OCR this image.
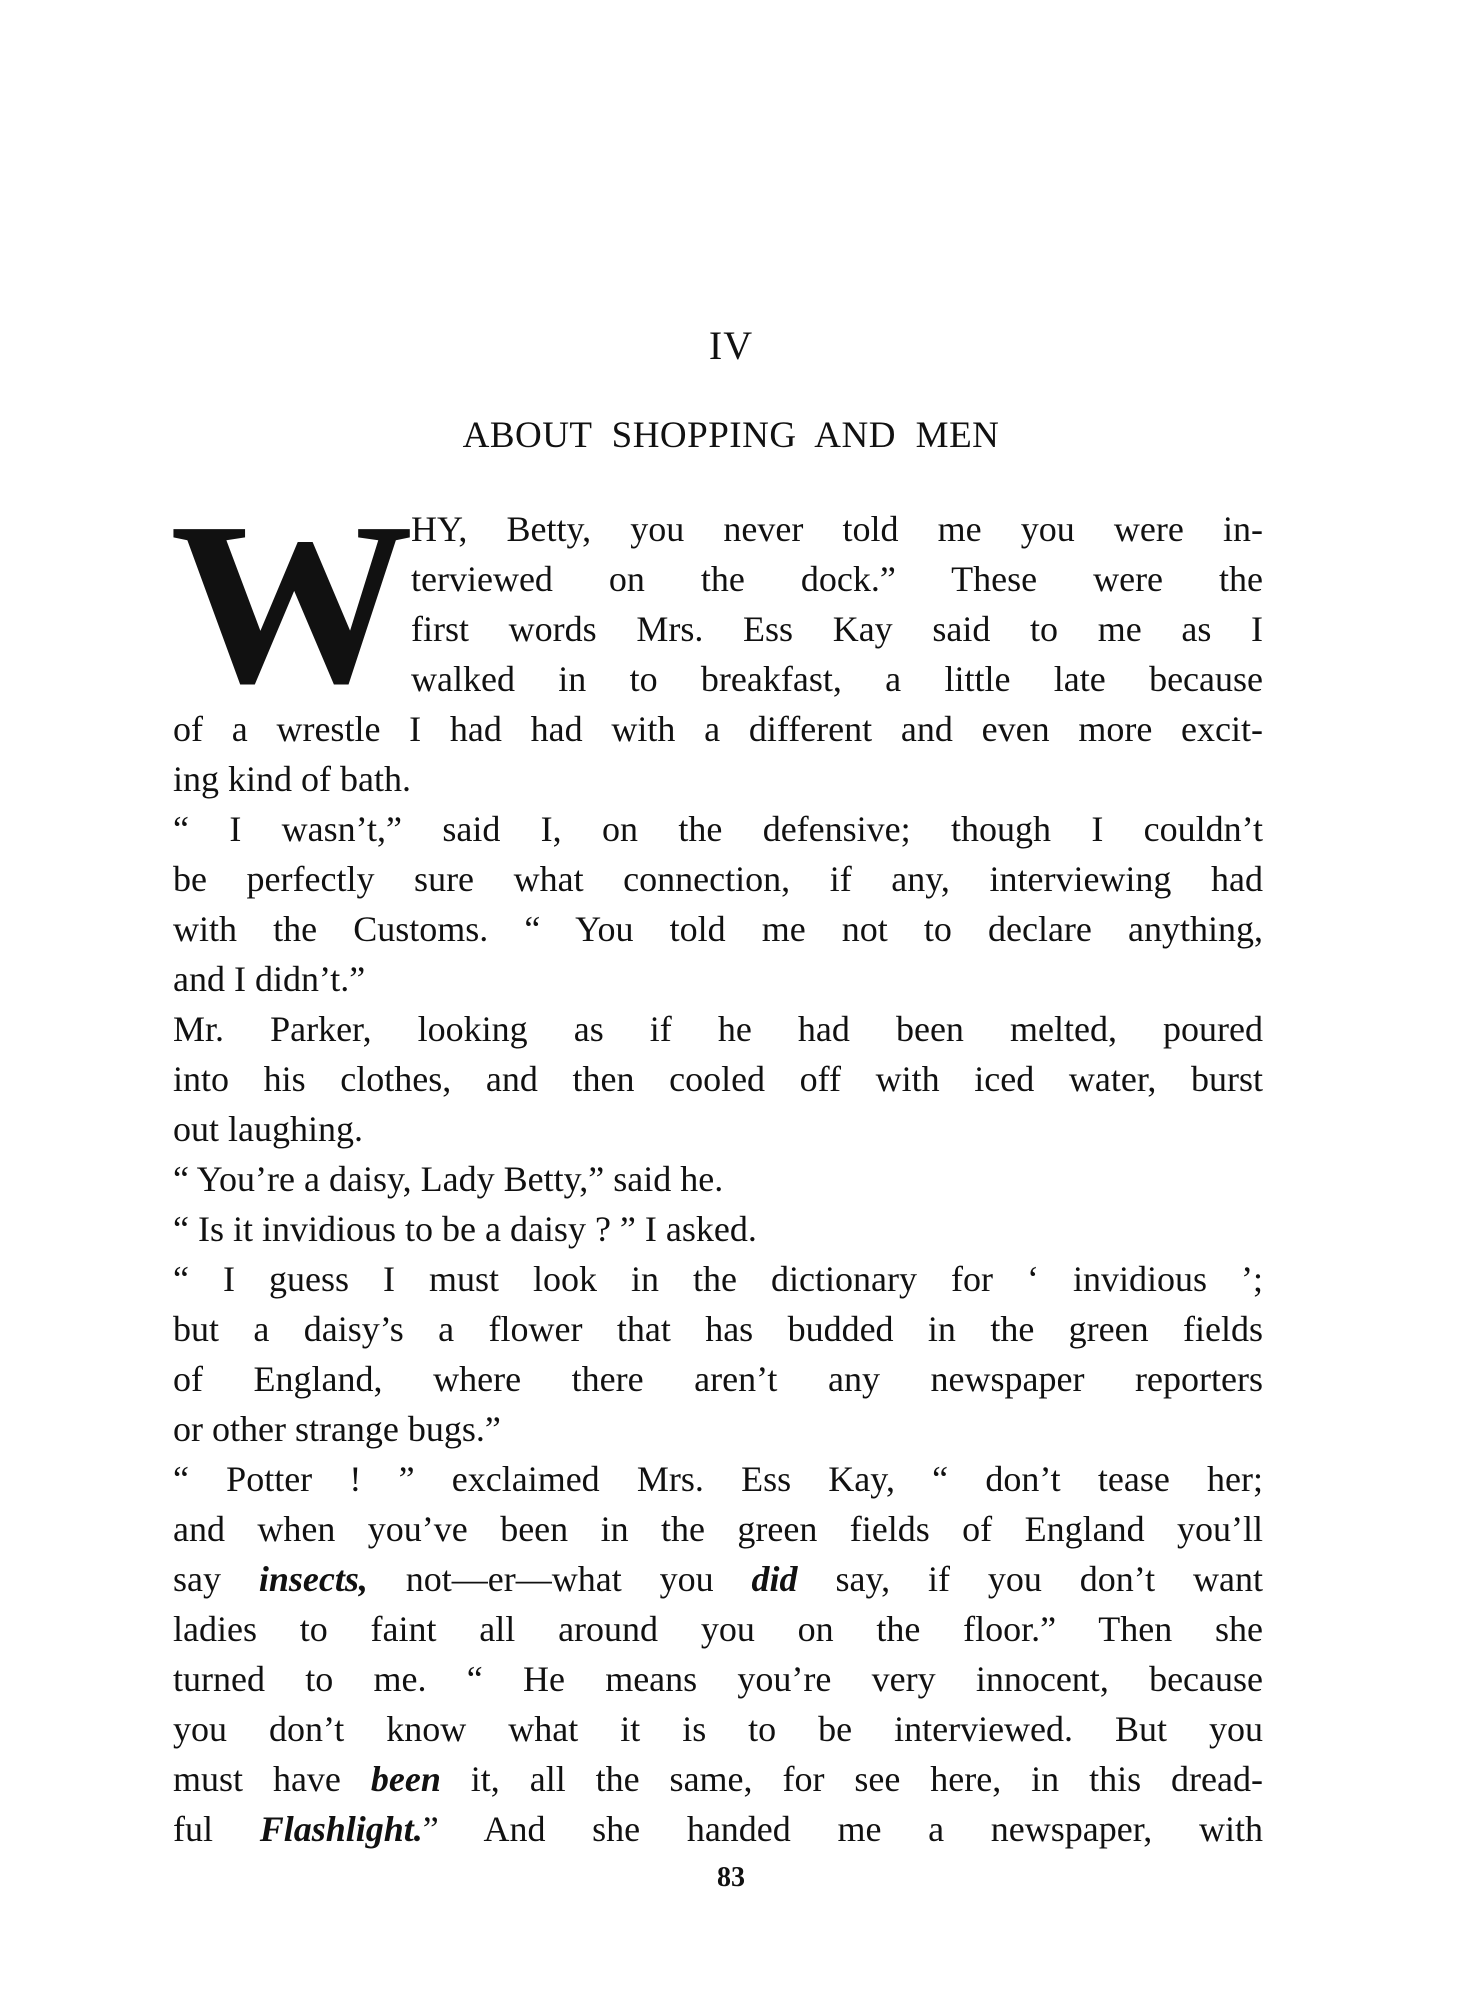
IV
ABOUT SHOPPING AND MEN
W
HY, Betty, you never told me you were in-
terviewed on the dock.” These were the
first words Mrs. Ess Kay said to me as I
walked in to breakfast, a little late because
of a wrestle I had had with a different and even more excit-
ing kind of bath.
“ I wasn’t,” said I, on the defensive; though I couldn’t
be perfectly sure what connection, if any, interviewing had
with the Customs. “ You told me not to declare anything,
and I didn’t.”
Mr. Parker, looking as if he had been melted, poured
into his clothes, and then cooled off with iced water, burst
out laughing.
“ You’re a daisy, Lady Betty,” said he.
“ Is it invidious to be a daisy ? ” I asked.
“ I guess I must look in the dictionary for ‘ invidious ’;
but a daisy’s a flower that has budded in the green fields
of England, where there aren’t any newspaper reporters
or other strange bugs.”
“ Potter ! ” exclaimed Mrs. Ess Kay, “ don’t tease her;
and when you’ve been in the green fields of England you’ll
say insects, not—er—what you did say, if you don’t want
ladies to faint all around you on the floor.” Then she
turned to me. “ He means you’re very innocent, because
you don’t know what it is to be interviewed. But you
must have been it, all the same, for see here, in this dread-
ful Flashlight.” And she handed me a newspaper, with
83
